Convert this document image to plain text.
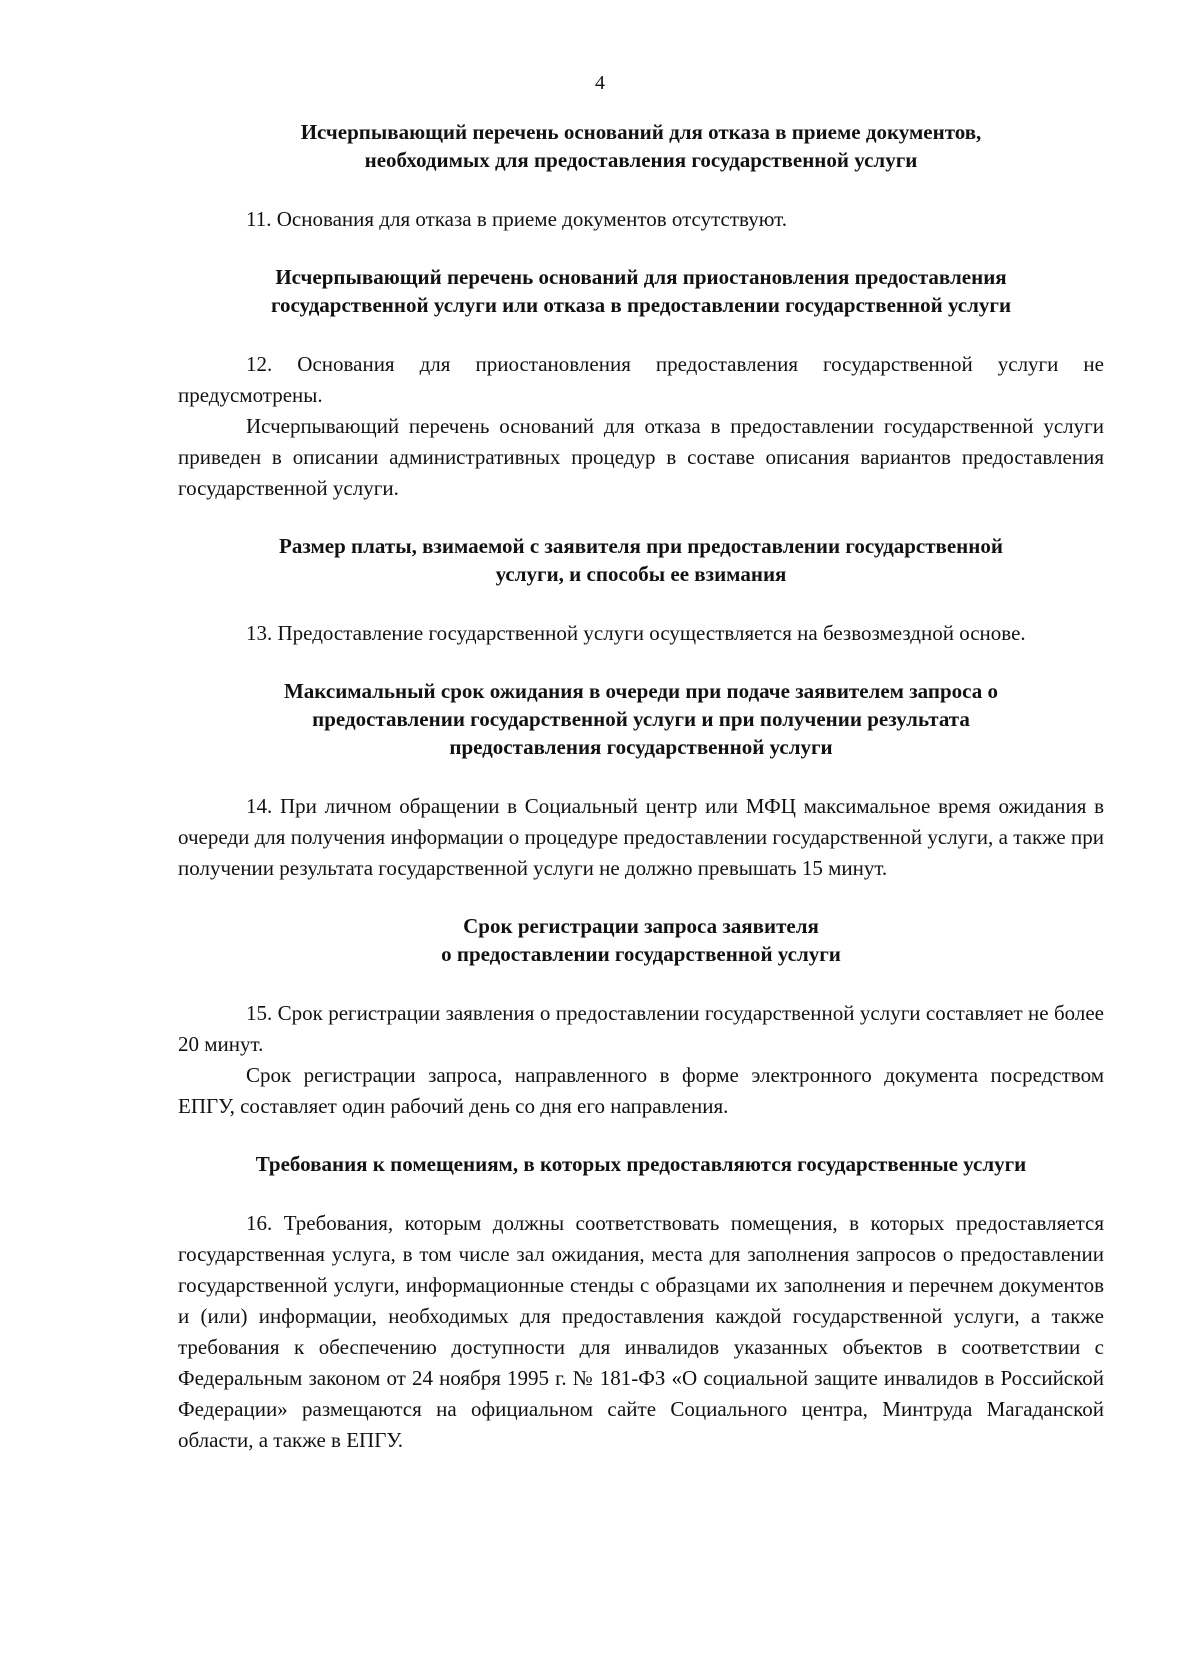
4
Исчерпывающий перечень оснований для отказа в приеме документов,
необходимых для предоставления государственной услуги

11. Основания для отказа в приеме документов отсутствуют.

Исчерпывающий перечень оснований для приостановления предоставления
государственной услуги или отказа в предоставлении государственной услуги

12. Основания для приостановления предоставления государственной услуги не предусмотрены.

Исчерпывающий перечень оснований для отказа в предоставлении государственной услуги приведен в описании административных процедур в составе описания вариантов предоставления государственной услуги.

Размер платы, взимаемой с заявителя при предоставлении государственной
услуги, и способы ее взимания

13. Предоставление государственной услуги осуществляется на безвозмездной основе.

Максимальный срок ожидания в очереди при подаче заявителем запроса о
предоставлении государственной услуги и при получении результата
предоставления государственной услуги

14. При личном обращении в Социальный центр или МФЦ максимальное время ожидания в очереди для получения информации о процедуре предоставлении государственной услуги, а также при получении результата государственной услуги не должно превышать 15 минут.

Срок регистрации запроса заявителя
о предоставлении государственной услуги

15. Срок регистрации заявления о предоставлении государственной услуги составляет не более 20 минут.

Срок регистрации запроса, направленного в форме электронного документа посредством ЕПГУ, составляет один рабочий день со дня его направления.

Требования к помещениям, в которых предоставляются государственные услуги

16. Требования, которым должны соответствовать помещения, в которых предоставляется государственная услуга, в том числе зал ожидания, места для заполнения запросов о предоставлении государственной услуги, информационные стенды с образцами их заполнения и перечнем документов и (или) информации, необходимых для предоставления каждой государственной услуги, а также требования к обеспечению доступности для инвалидов указанных объектов в соответствии с Федеральным законом от 24 ноября 1995 г. № 181-ФЗ «О социальной защите инвалидов в Российской Федерации» размещаются на официальном сайте Социального центра, Минтруда Магаданской области, а также в ЕПГУ.
